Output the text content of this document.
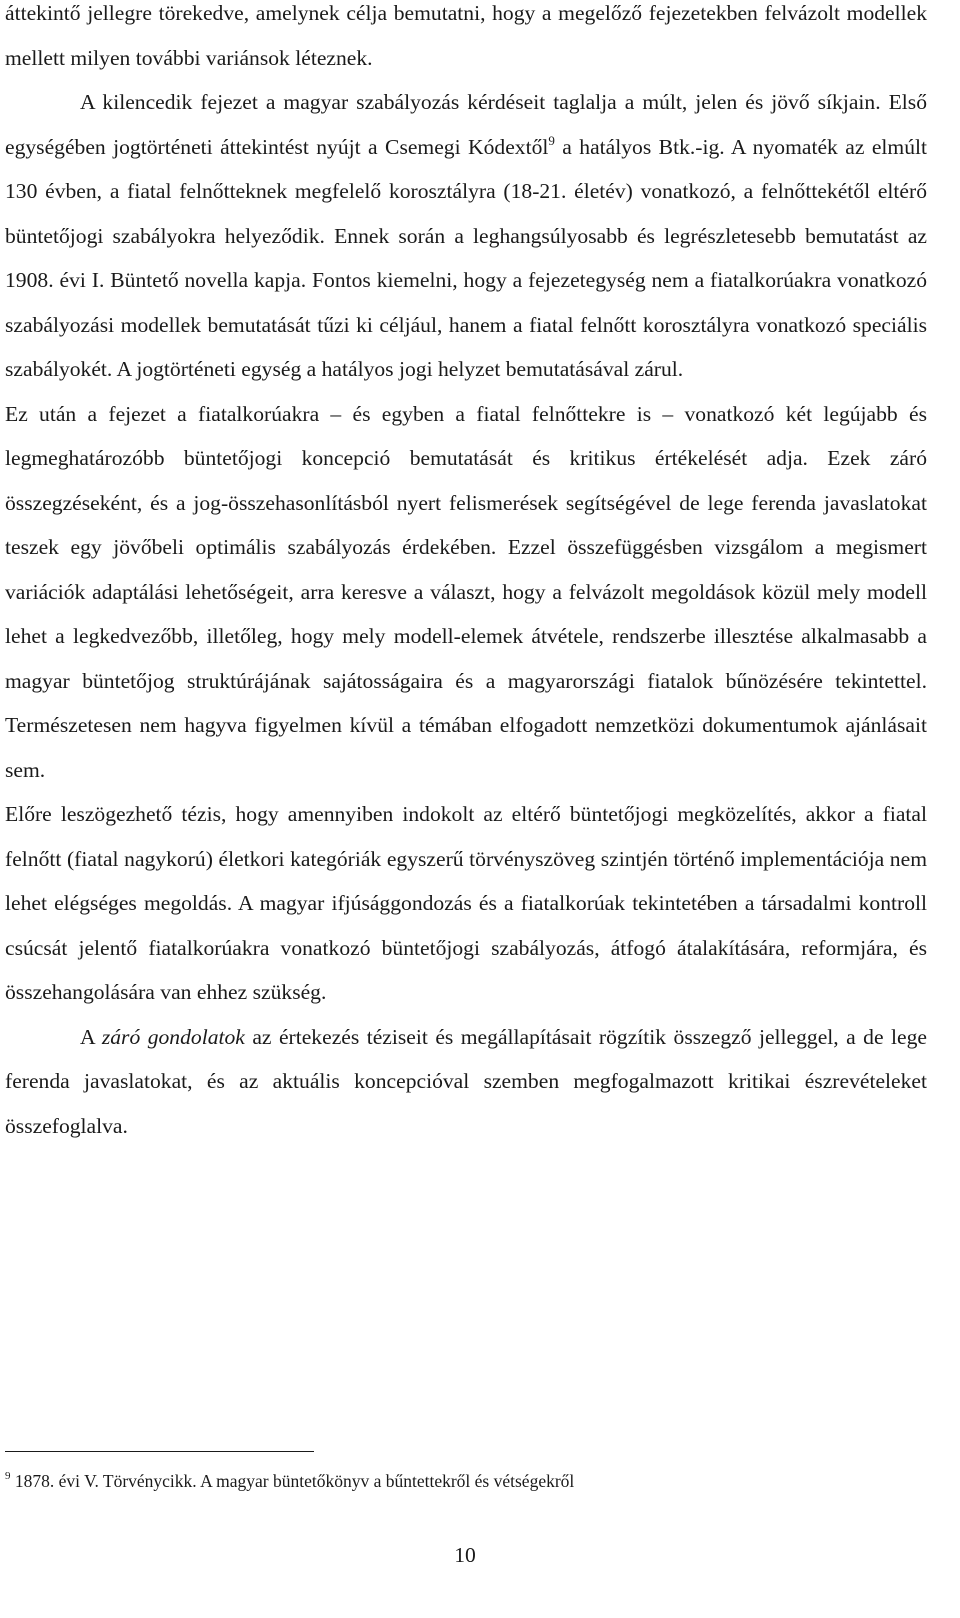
áttekintő jellegre törekedve, amelynek célja bemutatni, hogy a megelőző fejezetekben felvázolt modellek mellett milyen további variánsok léteznek.

A kilencedik fejezet a magyar szabályozás kérdéseit taglalja a múlt, jelen és jövő síkjain. Első egységében jogtörténeti áttekintést nyújt a Csemegi Kódextől$^9$ a hatályos Btk.-ig. A nyomaték az elmúlt 130 évben, a fiatal felnőtteknek megfelelő korosztályra (18-21. életév) vonatkozó, a felnőttekétől eltérő büntetőjogi szabályokra helyeződik. Ennek során a leghangsúlyosabb és legrészletesebb bemutatást az 1908. évi I. Büntető novella kapja. Fontos kiemelni, hogy a fejezetegység nem a fiatalkorúakra vonatkozó szabályozási modellek bemutatását tűzi ki céljául, hanem a fiatal felnőtt korosztályra vonatkozó speciális szabályokét. A jogtörténeti egység a hatályos jogi helyzet bemutatásával zárul.

Ez után a fejezet a fiatalkorúakra – és egyben a fiatal felnőttekre is – vonatkozó két legújabb és legmeghatározóbb büntetőjogi koncepció bemutatását és kritikus értékelését adja. Ezek záró összegzéseként, és a jog-összehasonlításból nyert felismerések segítségével de lege ferenda javaslatokat teszek egy jövőbeli optimális szabályozás érdekében. Ezzel összefüggésben vizsgálom a megismert variációk adaptálási lehetőségeit, arra keresve a választ, hogy a felvázolt megoldások közül mely modell lehet a legkedvezőbb, illetőleg, hogy mely modell-elemek átvétele, rendszerbe illesztése alkalmasabb a magyar büntetőjog struktúrájának sajátosságaira és a magyarországi fiatalok bűnözésére tekintettel. Természetesen nem hagyva figyelmen kívül a témában elfogadott nemzetközi dokumentumok ajánlásait sem.

Előre leszögezhető tézis, hogy amennyiben indokolt az eltérő büntetőjogi megközelítés, akkor a fiatal felnőtt (fiatal nagykorú) életkori kategóriák egyszerű törvényszöveg szintjén történő implementációja nem lehet elégséges megoldás. A magyar ifjúsággondozás és a fiatalkorúak tekintetében a társadalmi kontroll csúcsát jelentő fiatalkorúakra vonatkozó büntetőjogi szabályozás, átfogó átalakítására, reformjára, és összehangolására van ehhez szükség.

A záró gondolatok az értekezés téziseit és megállapításait rögzítik összegző jelleggel, a de lege ferenda javaslatokat, és az aktuális koncepcióval szemben megfogalmazott kritikai észrevételeket összefoglalva.

$^9$ 1878. évi V. Törvénycikk. A magyar büntetőkönyv a bűntettekről és vétségekről
10
